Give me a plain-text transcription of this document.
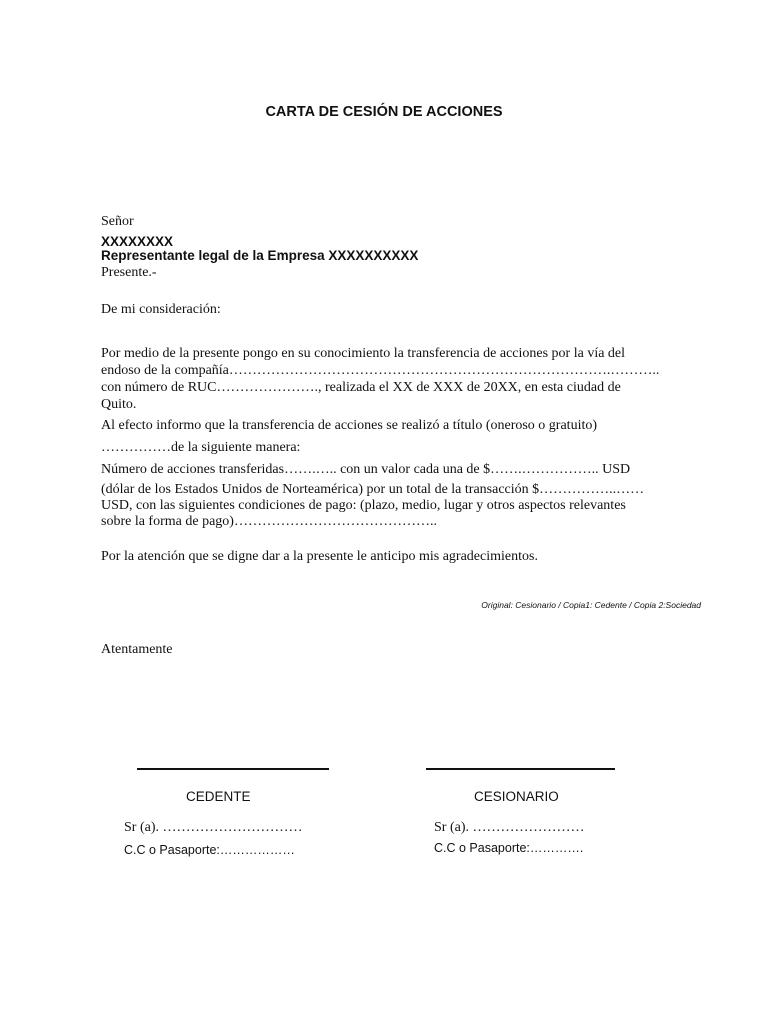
CARTA DE CESIÓN DE ACCIONES
Señor
XXXXXXXX
Representante legal de la Empresa XXXXXXXXXX
Presente.-
De mi consideración:
Por medio de la presente pongo en su conocimiento la transferencia de acciones por la vía del
endoso de la compañía……………………………………………………………………….………..
con número de RUC…………………., realizada el XX de XXX de 20XX, en esta ciudad de
Quito.
Al efecto informo que la transferencia de acciones se realizó a título (oneroso o gratuito)
……………de la siguiente manera:
Número de acciones transferidas…….….. con un valor cada una de $…….…………….. USD
(dólar de los Estados Unidos de Norteamérica) por un total de la transacción $……………..……
USD, con las siguientes condiciones de pago: (plazo, medio, lugar y otros aspectos relevantes
sobre la forma de pago)……………………………………..
Por la atención que se digne dar a la presente le anticipo mis agradecimientos.
Original: Cesionario / Copia1: Cedente / Copia 2:Sociedad
Atentamente
CEDENTE
Sr (a). …………………………
C.C o Pasaporte:………………
CESIONARIO
Sr (a). ……………………
C.C o Pasaporte:………….
